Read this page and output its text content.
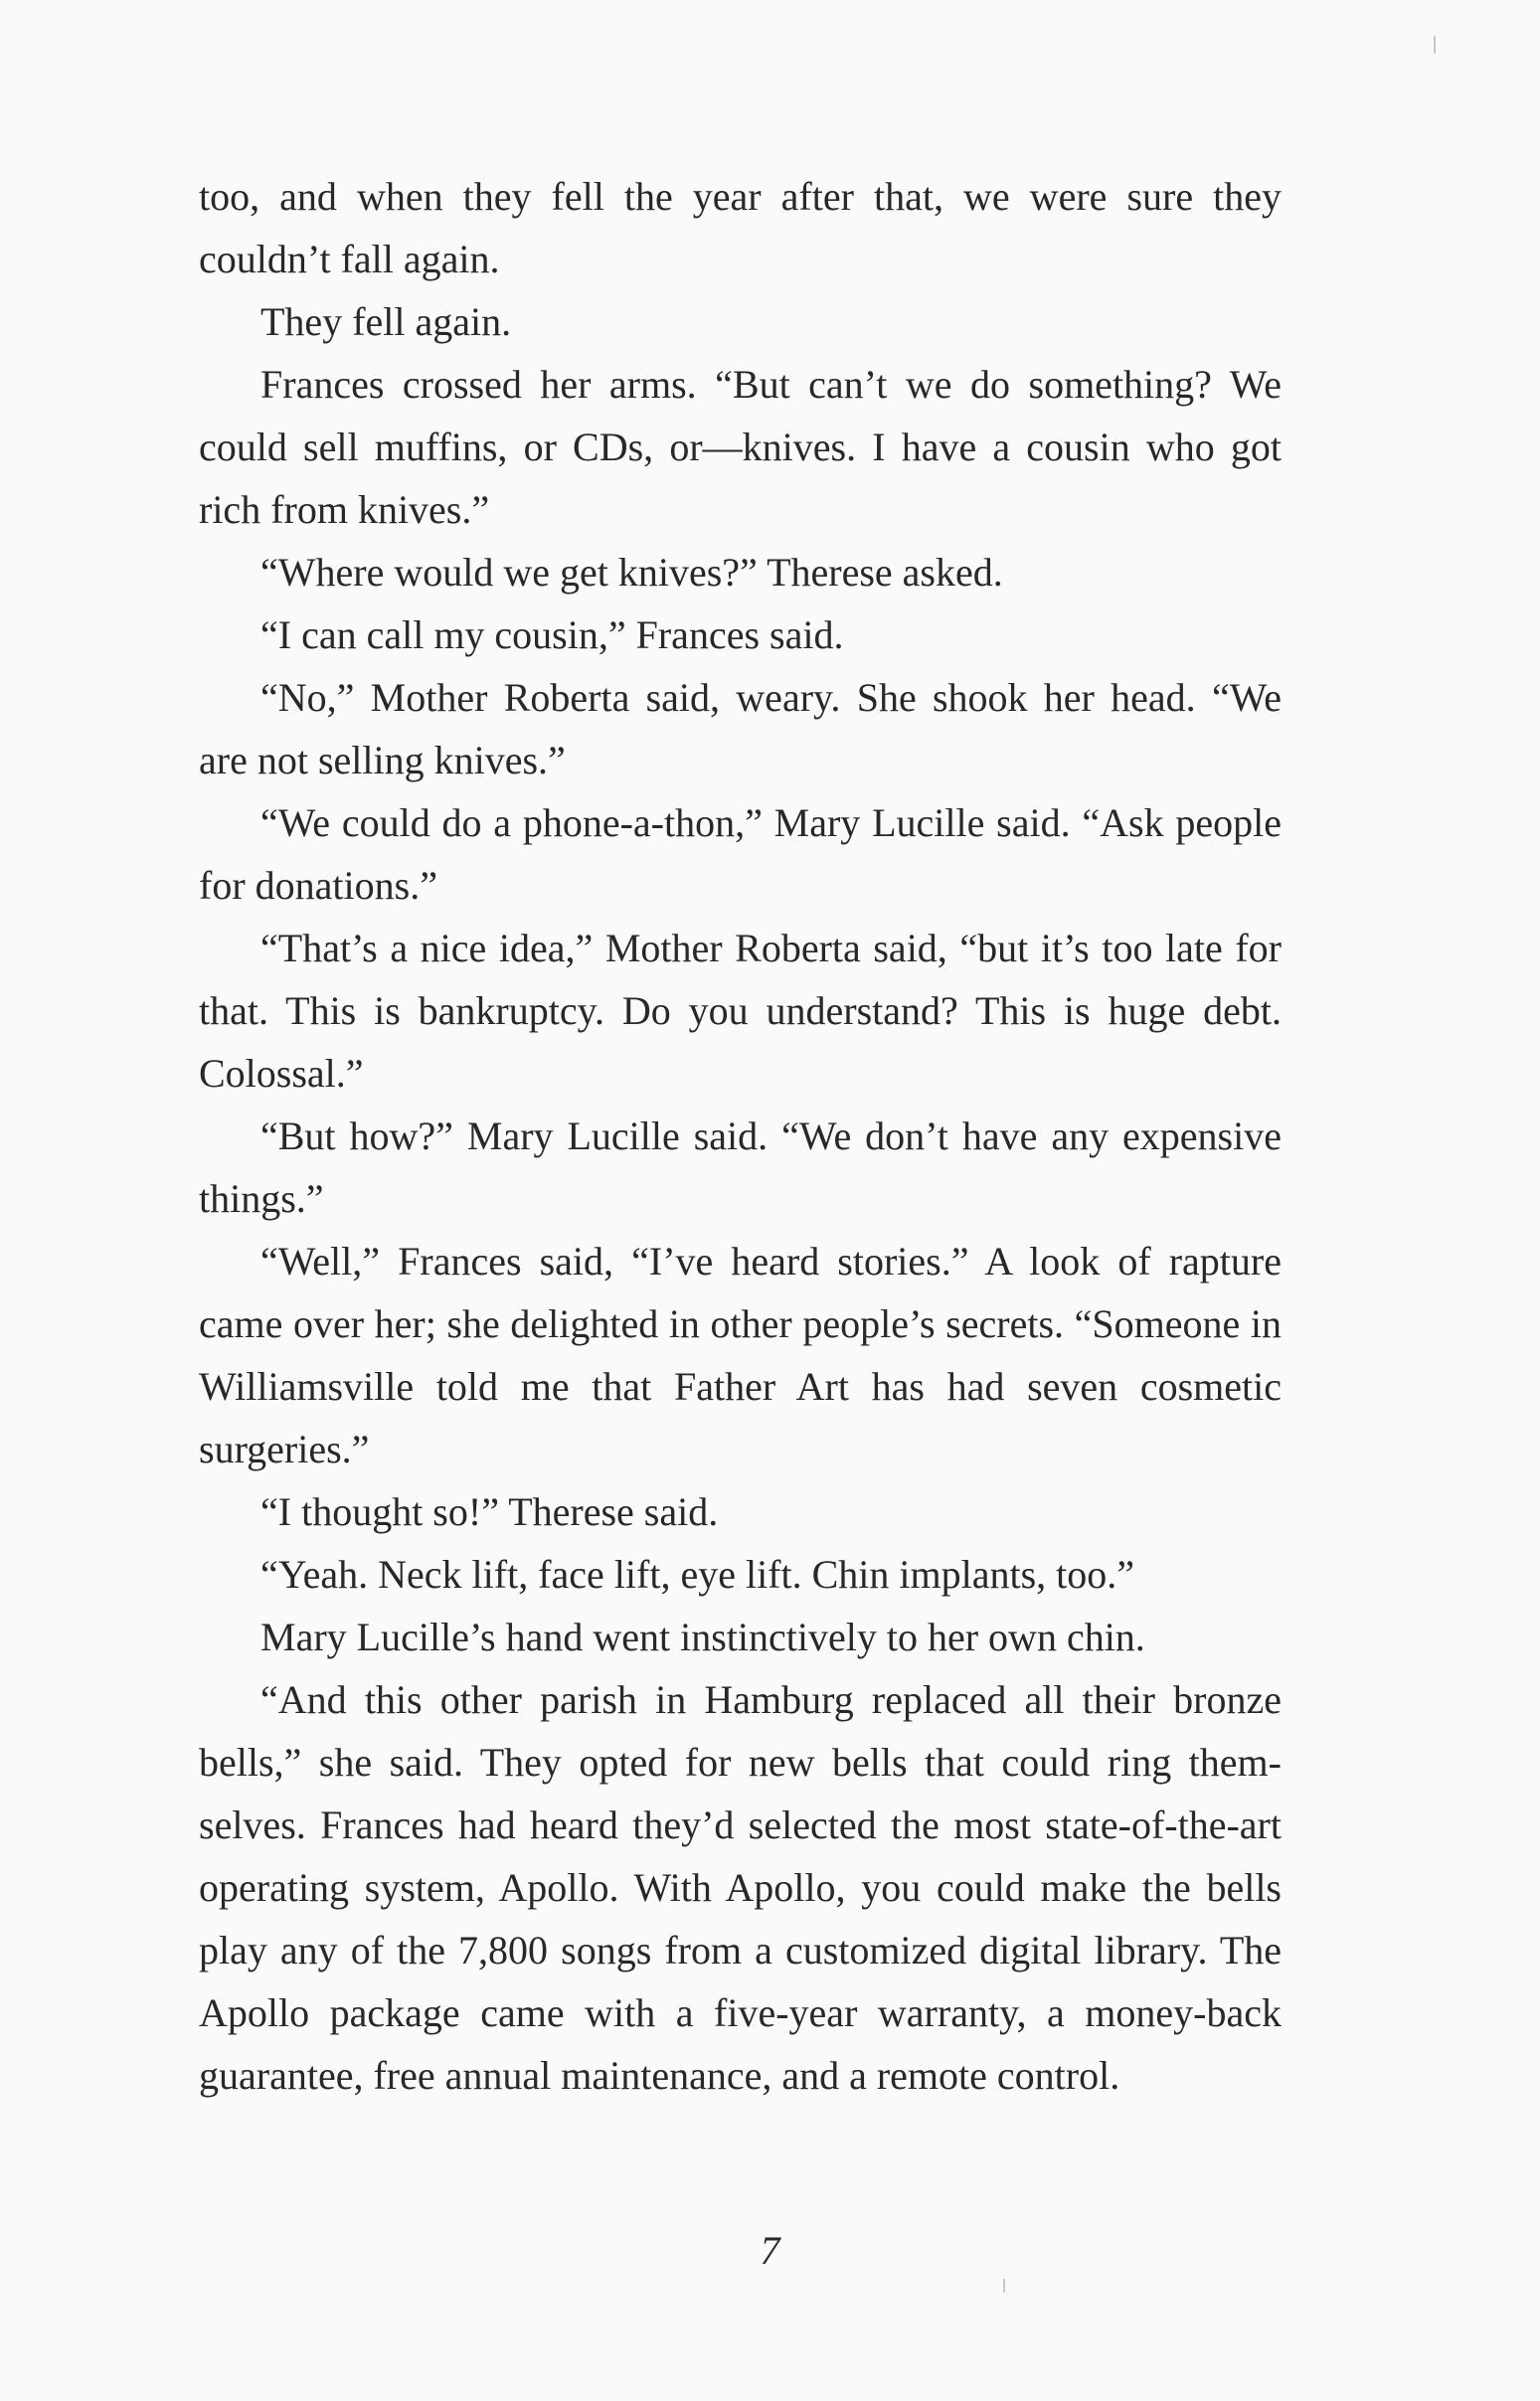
too, and when they fell the year after that, we were sure they couldn’t fall again.

They fell again.

Frances crossed her arms. “But can’t we do something? We could sell muffins, or CDs, or—knives. I have a cousin who got rich from knives.”

“Where would we get knives?” Therese asked.

“I can call my cousin,” Frances said.

“No,” Mother Roberta said, weary. She shook her head. “We are not selling knives.”

“We could do a phone-a-thon,” Mary Lucille said. “Ask people for donations.”

“That’s a nice idea,” Mother Roberta said, “but it’s too late for that. This is bankruptcy. Do you understand? This is huge debt. Colossal.”

“But how?” Mary Lucille said. “We don’t have any expensive things.”

“Well,” Frances said, “I’ve heard stories.” A look of rapture came over her; she delighted in other people’s secrets. “Someone in Williamsville told me that Father Art has had seven cosmetic surgeries.”

“I thought so!” Therese said.

“Yeah. Neck lift, face lift, eye lift. Chin implants, too.”

Mary Lucille’s hand went instinctively to her own chin.

“And this other parish in Hamburg replaced all their bronze bells,” she said. They opted for new bells that could ring themselves. Frances had heard they’d selected the most state-of-the-art operating system, Apollo. With Apollo, you could make the bells play any of the 7,800 songs from a customized digital library. The Apollo package came with a five-year warranty, a money-back guarantee, free annual maintenance, and a remote control.

7
